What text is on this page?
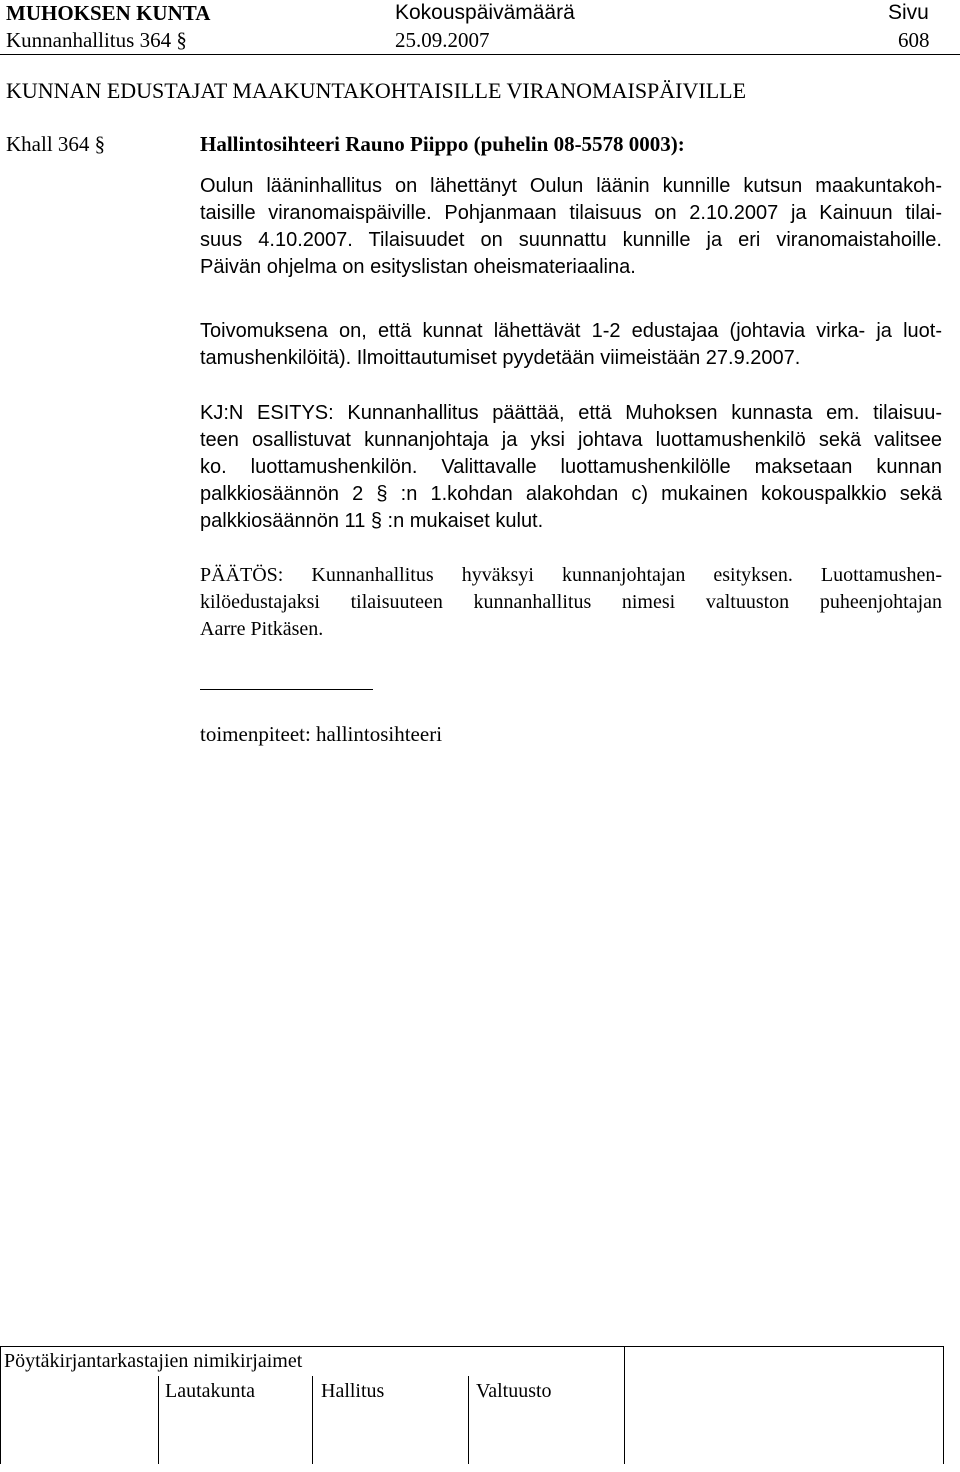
MUHOKSEN KUNTA	Kokouspäivämäärä	Sivu
Kunnanhallitus 364 §	25.09.2007	608
KUNNAN EDUSTAJAT MAAKUNTAKOHTAISILLE VIRANOMAISPÄIVILLE
Khall 364 §	Hallintosihteeri Rauno Piippo (puhelin 08-5578 0003):
Oulun lääninhallitus on lähettänyt Oulun läänin kunnille kutsun maakuntakoh-
taisille viranomaispäiville. Pohjanmaan tilaisuus on 2.10.2007 ja Kainuun tilai-
suus 4.10.2007. Tilaisuudet on suunnattu kunnille ja eri viranomaistahoille.
Päivän ohjelma on esityslistan oheismateriaalina.
Toivomuksena on, että kunnat lähettävät 1-2 edustajaa (johtavia virka- ja luot-
tamushenkilöitä). Ilmoittautumiset pyydetään viimeistään 27.9.2007.
KJ:N ESITYS: Kunnanhallitus päättää, että Muhoksen kunnasta em. tilaisuu-
teen osallistuvat kunnanjohtaja ja yksi johtava luottamushenkilö sekä valitsee
ko. luottamushenkilön. Valittavalle luottamushenkilölle maksetaan kunnan
palkkiosäännön 2 § :n 1.kohdan alakohdan c) mukainen kokouspalkkio sekä
palkkiosäännön 11 § :n mukaiset kulut.
PÄÄTÖS: Kunnanhallitus hyväksyi kunnanjohtajan esityksen. Luottamushen-
kilöedustajaksi tilaisuuteen kunnanhallitus nimesi valtuuston puheenjohtajan
Aarre Pitkäsen.
toimenpiteet: hallintosihteeri
Pöytäkirjantarkastajien nimikirjaimet
Lautakunta	Hallitus	Valtuusto
